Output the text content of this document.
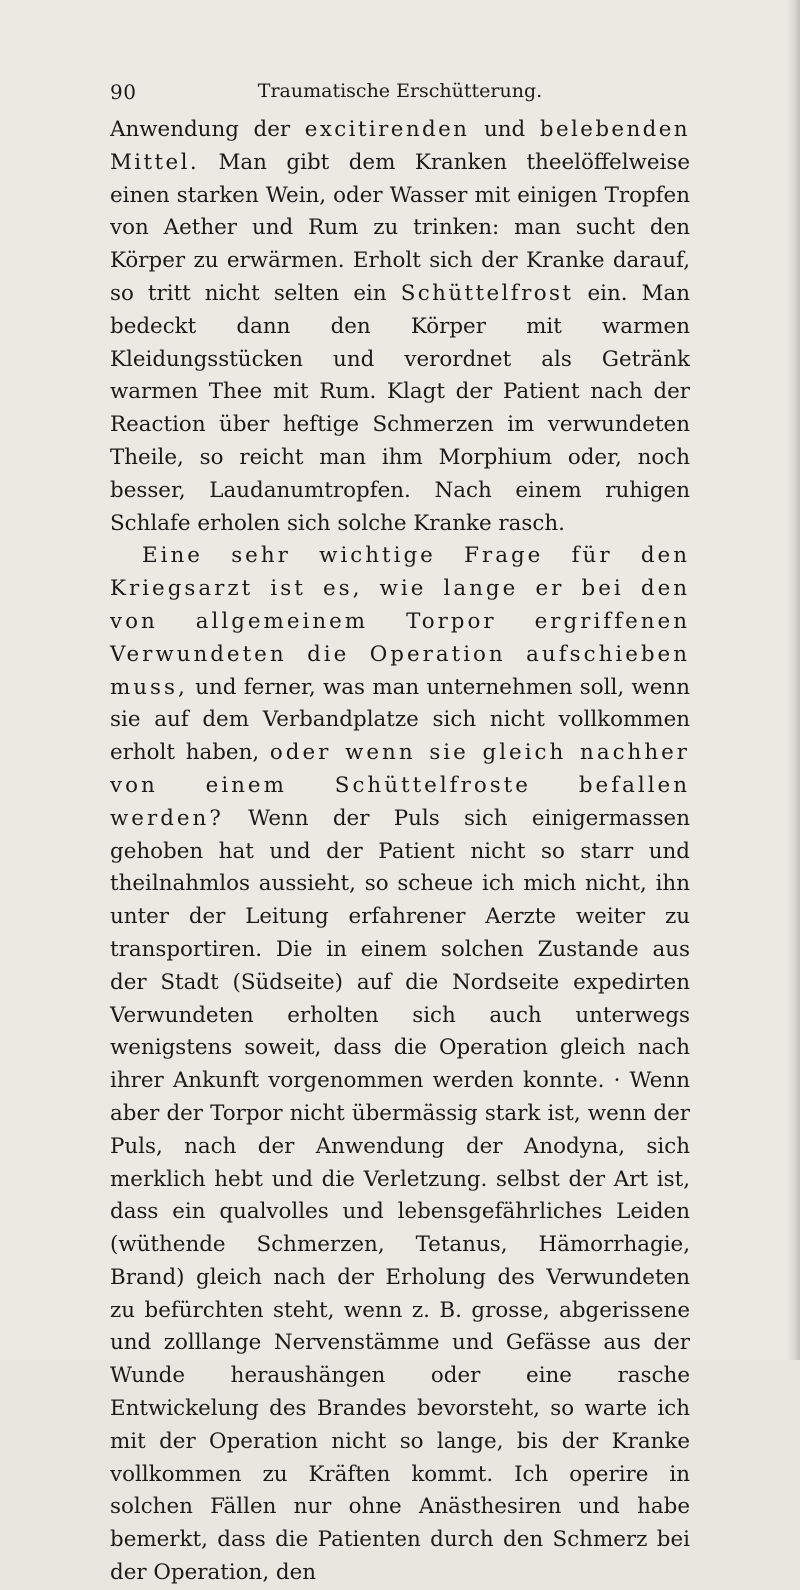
90	Traumatische Erschütterung.

Anwendung der excitirenden und belebenden Mittel. Man gibt dem Kranken theelöffelweise einen starken Wein, oder Wasser mit einigen Tropfen von Aether und Rum zu trinken: man sucht den Körper zu erwärmen. Erholt sich der Kranke darauf, so tritt nicht selten ein Schüttelfrost ein. Man bedeckt dann den Körper mit warmen Kleidungsstücken und verordnet als Getränk warmen Thee mit Rum. Klagt der Patient nach der Reaction über heftige Schmerzen im verwundeten Theile, so reicht man ihm Morphium oder, noch besser, Laudanumtropfen. Nach einem ruhigen Schlafe erholen sich solche Kranke rasch.

Eine sehr wichtige Frage für den Kriegsarzt ist es, wie lange er bei den von allgemeinem Torpor ergriffenen Verwundeten die Operation aufschieben muss, und ferner, was man unternehmen soll, wenn sie auf dem Verbandplatze sich nicht vollkommen erholt haben, oder wenn sie gleich nachher von einem Schüttelfroste befallen werden? Wenn der Puls sich einigermassen gehoben hat und der Patient nicht so starr und theilnahmlos aussieht, so scheue ich mich nicht, ihn unter der Leitung erfahrener Aerzte weiter zu transportiren. Die in einem solchen Zustande aus der Stadt (Südseite) auf die Nordseite expedirten Verwundeten erholten sich auch unterwegs wenigstens soweit, dass die Operation gleich nach ihrer Ankunft vorgenommen werden konnte. · Wenn aber der Torpor nicht übermässig stark ist, wenn der Puls, nach der Anwendung der Anodyna, sich merklich hebt und die Verletzung. selbst der Art ist, dass ein qualvolles und lebensgefährliches Leiden (wüthende Schmerzen, Tetanus, Hämorrhagie, Brand) gleich nach der Erholung des Verwundeten zu befürchten steht, wenn z. B. grosse, abgerissene und zolllange Nervenstämme und Gefässe aus der Wunde heraushängen oder eine rasche Entwickelung des Brandes bevorsteht, so warte ich mit der Operation nicht so lange, bis der Kranke vollkommen zu Kräften kommt. Ich operire in solchen Fällen nur ohne Anästhesiren und habe bemerkt, dass die Patienten durch den Schmerz bei der Operation, den
